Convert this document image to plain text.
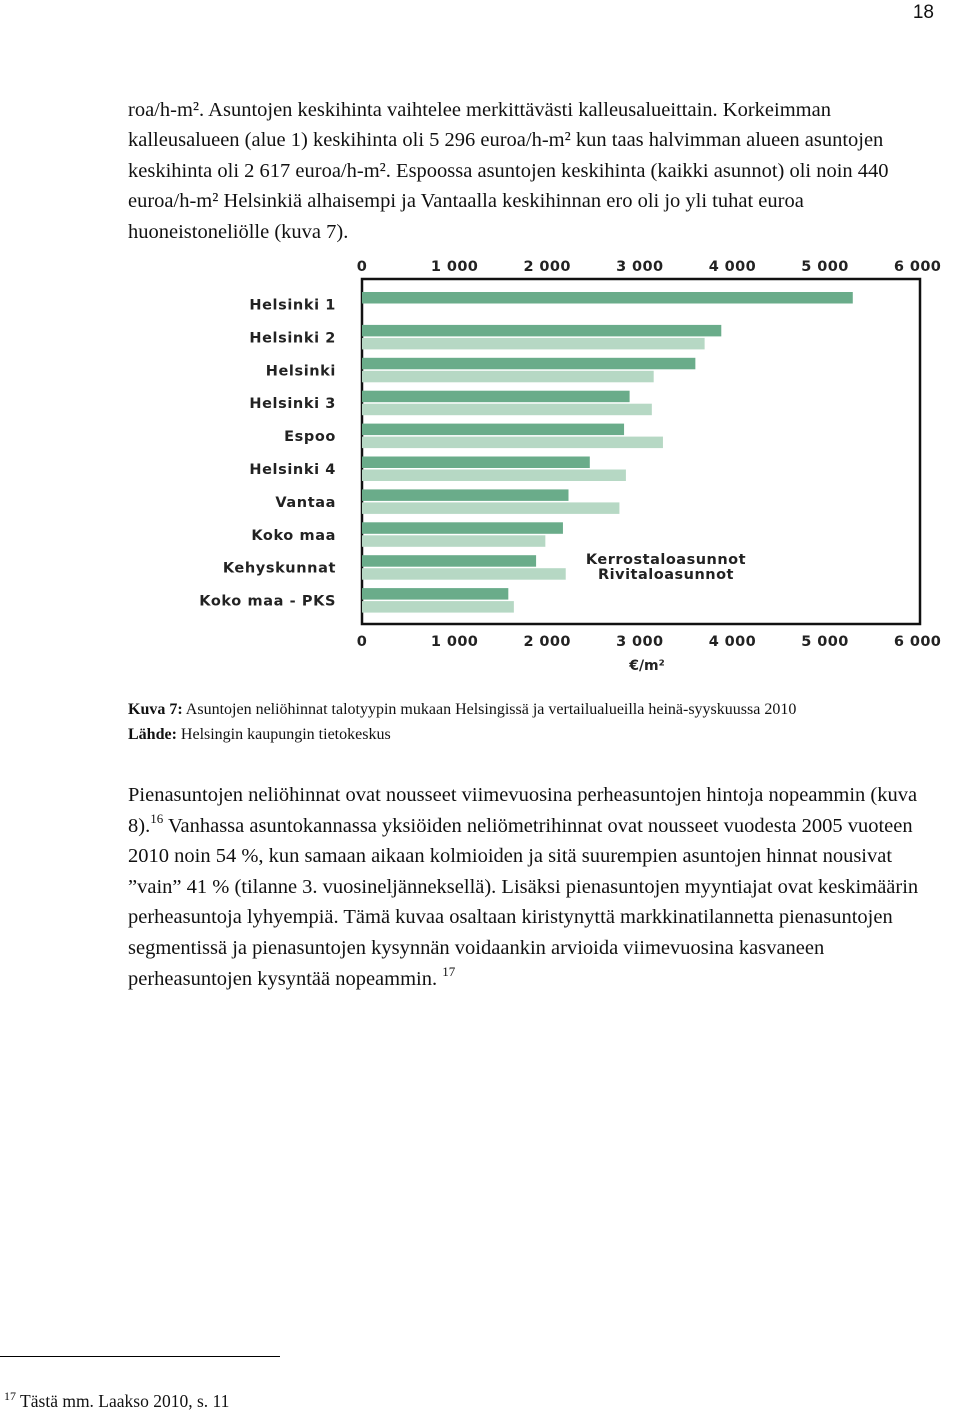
18

roa/h-m². Asuntojen keskihinta vaihtelee merkittävästi kalleusalueittain. Korkeimman kalleusalueen (alue 1) keskihinta oli 5 296 euroa/h-m² kun taas halvimman alueen asuntojen keskihinta oli 2 617 euroa/h-m². Espoossa asuntojen keskihinta (kaikki asunnot) oli noin 440 euroa/h-m² Helsinkiä alhaisempi ja Vantaalla keskihinnan ero oli jo yli tuhat euroa huoneistoneliölle (kuva 7).

0	1 000	2 000	3 000	4 000	5 000	6 000
Helsinki 1
Helsinki 2
Helsinki
Helsinki 3
Espoo
Helsinki 4
Vantaa
Koko maa
Kehyskunnat
Koko maa - PKS
Kerrostaloasunnot
Rivitaloasunnot
0	1 000	2 000	3 000	4 000	5 000	6 000
€/m²

Kuva 7: Asuntojen neliöhinnat talotyypin mukaan Helsingissä ja vertailualueilla heinä-syyskuussa 2010

Lähde: Helsingin kaupungin tietokeskus

Pienasuntojen neliöhinnat ovat nousseet viimevuosina perheasuntojen hintoja nopeammin (kuva 8).$^{16}$ Vanhassa asuntokannassa yksiöiden neliömetrihinnat ovat nousseet vuodesta 2005 vuoteen 2010 noin 54 %, kun samaan aikaan kolmioiden ja sitä suurempien asuntojen hinnat nousivat ”vain” 41 % (tilanne 3. vuosineljänneksellä). Lisäksi pienasuntojen myyntiajat ovat keskimäärin perheasuntoja lyhyempiä. Tämä kuvaa osaltaan kiristynyttä markkinatilannetta pienasuntojen segmentissä ja pienasuntojen kysynnän voidaankin arvioida viimevuosina kasvaneen perheasuntojen kysyntää nopeammin. $^{17}$

$^{17}$ Tästä mm. Laakso 2010, s. 11
